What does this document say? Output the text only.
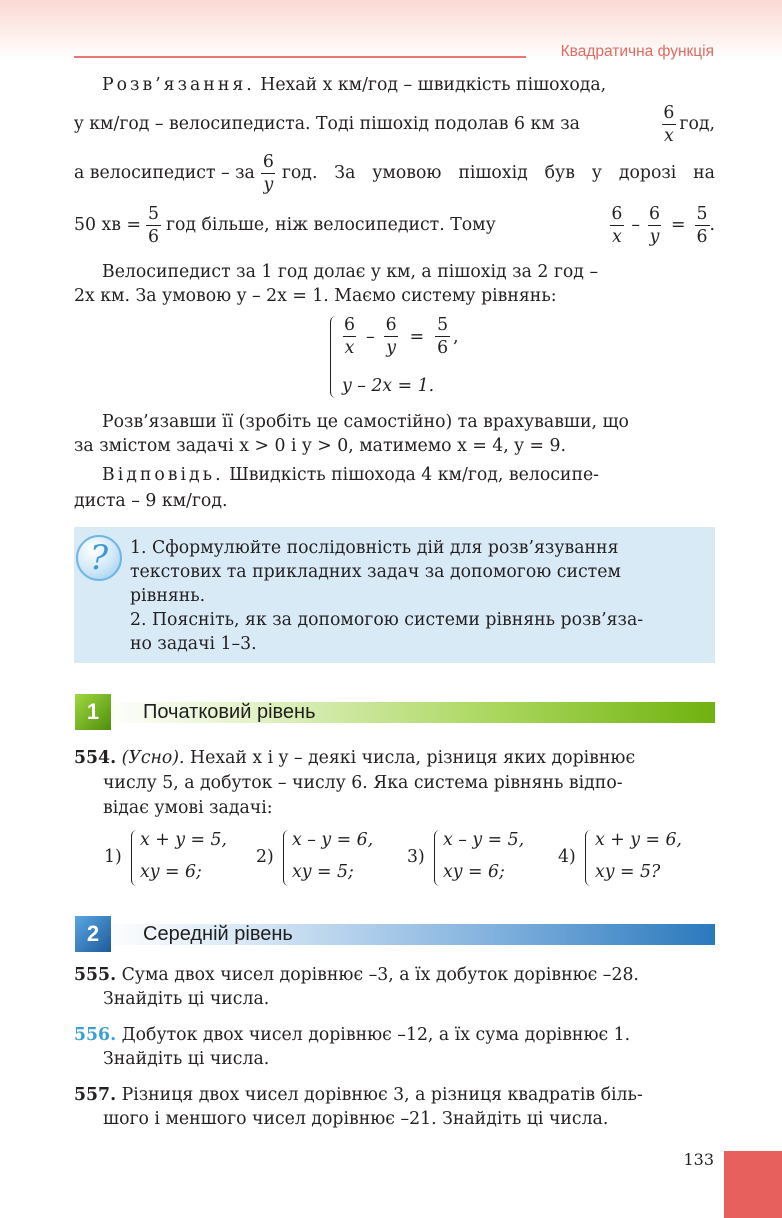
Квадратична функція
Розв’язання. Нехай x км/год – швидкість пішохода,
y км/год – велосипедиста. Тоді пішохід подолав 6 км за	$\frac{6}{x}$ год,
а велосипедист – за $\frac{6}{y}$ год. За умовою пішохід був у дорозі на
50 хв = $\frac{5}{6}$ год більше, ніж велосипедист. Тому	$\frac{6}{x} - \frac{6}{y} = \frac{5}{6}$ .
Велосипедист за 1 год долає y км, а пішохід за 2 год –

2x км. За умовою y – 2x = 1. Маємо систему рівнянь:
$\frac{6}{x} - \frac{6}{y} = \frac{5}{6}$ ,
y – 2x = 1.
Розв’язавши її (зробіть це самостійно) та врахувавши, що
за змістом задачі x > 0 і y > 0, матимемо x = 4, y = 9.
Відповідь. Швидкість пішохода 4 км/год, велосипе-
диста – 9 км/год.
?	1. Сформулюйте послідовність дій для розв’язування
текстових та прикладних задач за допомогою систем
рівнянь.
2. Поясніть, як за допомогою системи рівнянь розв’яза-
но задачі 1–3.
1	Початковий рівень
554. (Усно). Нехай x і y – деякі числа, різниця яких дорівнює
числу 5, а добуток – числу 6. Яка система рівнянь відпо-
відає умові задачі:
1)
x + y = 5,
xy = 6;
2)
x – y = 6,
xy = 5;
3)
x – y = 5,
xy = 6;
4)
x + y = 6,
xy = 5?
2	Середній рівень
555. Сума двох чисел дорівнює –3, а їх добуток дорівнює –28.
Знайдіть ці числа.
556. Добуток двох чисел дорівнює –12, а їх сума дорівнює 1.
Знайдіть ці числа.
557. Різниця двох чисел дорівнює 3, а різниця квадратів біль-
шого і меншого чисел дорівнює –21. Знайдіть ці числа.
133
